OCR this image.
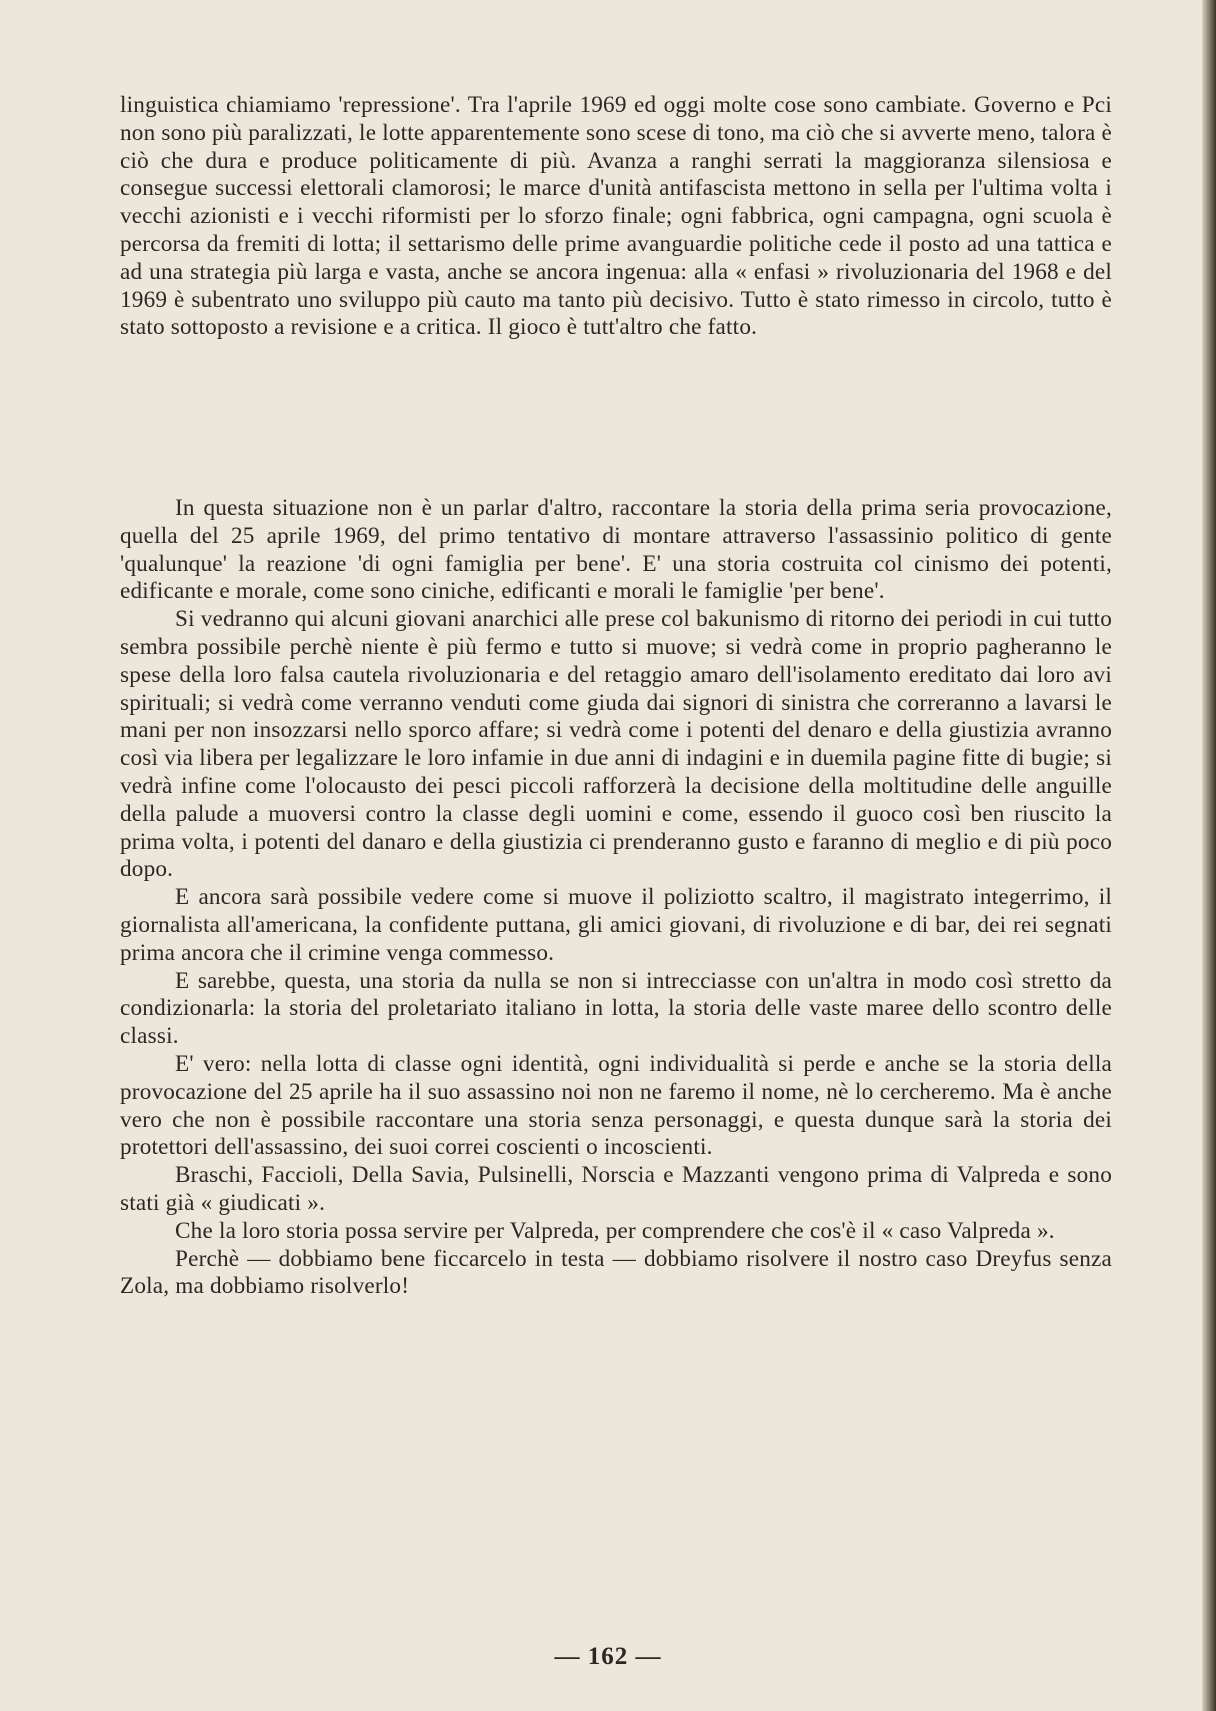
linguistica chiamiamo 'repressione'. Tra l'aprile 1969 ed oggi molte cose sono cambiate. Governo e Pci non sono più paralizzati, le lotte apparentemente sono scese di tono, ma ciò che si avverte meno, talora è ciò che dura e produce politicamente di più. Avanza a ranghi serrati la maggioranza silensiosa e consegue successi elettorali clamorosi; le marce d'unità antifascista mettono in sella per l'ultima volta i vecchi azionisti e i vecchi riformisti per lo sforzo finale; ogni fabbrica, ogni campagna, ogni scuola è percorsa da fremiti di lotta; il settarismo delle prime avanguardie politiche cede il posto ad una tattica e ad una strategia più larga e vasta, anche se ancora ingenua: alla « enfasi » rivoluzionaria del 1968 e del 1969 è subentrato uno sviluppo più cauto ma tanto più decisivo. Tutto è stato rimesso in circolo, tutto è stato sottoposto a revisione e a critica. Il gioco è tutt'altro che fatto.

In questa situazione non è un parlar d'altro, raccontare la storia della prima seria provocazione, quella del 25 aprile 1969, del primo tentativo di montare attraverso l'assassinio politico di gente 'qualunque' la reazione 'di ogni famiglia per bene'. E' una storia costruita col cinismo dei potenti, edificante e morale, come sono ciniche, edificanti e morali le famiglie 'per bene'.

Si vedranno qui alcuni giovani anarchici alle prese col bakunismo di ritorno dei periodi in cui tutto sembra possibile perchè niente è più fermo e tutto si muove; si vedrà come in proprio pagheranno le spese della loro falsa cautela rivoluzionaria e del retaggio amaro dell'isolamento ereditato dai loro avi spirituali; si vedrà come verranno venduti come giuda dai signori di sinistra che correranno a lavarsi le mani per non insozzarsi nello sporco affare; si vedrà come i potenti del denaro e della giustizia avranno così via libera per legalizzare le loro infamie in due anni di indagini e in duemila pagine fitte di bugie; si vedrà infine come l'olocausto dei pesci piccoli rafforzerà la decisione della moltitudine delle anguille della palude a muoversi contro la classe degli uomini e come, essendo il guoco così ben riuscito la prima volta, i potenti del danaro e della giustizia ci prenderanno gusto e faranno di meglio e di più poco dopo.

E ancora sarà possibile vedere come si muove il poliziotto scaltro, il magistrato integerrimo, il giornalista all'americana, la confidente puttana, gli amici giovani, di rivoluzione e di bar, dei rei segnati prima ancora che il crimine venga commesso.

E sarebbe, questa, una storia da nulla se non si intrecciasse con un'altra in modo così stretto da condizionarla: la storia del proletariato italiano in lotta, la storia delle vaste maree dello scontro delle classi.

E' vero: nella lotta di classe ogni identità, ogni individualità si perde e anche se la storia della provocazione del 25 aprile ha il suo assassino noi non ne faremo il nome, nè lo cercheremo. Ma è anche vero che non è possibile raccontare una storia senza personaggi, e questa dunque sarà la storia dei protettori dell'assassino, dei suoi correi coscienti o incoscienti.

Braschi, Faccioli, Della Savia, Pulsinelli, Norscia e Mazzanti vengono prima di Valpreda e sono stati già « giudicati ».

Che la loro storia possa servire per Valpreda, per comprendere che cos'è il « caso Valpreda ».

Perchè — dobbiamo bene ficcarcelo in testa — dobbiamo risolvere il nostro caso Dreyfus senza Zola, ma dobbiamo risolverlo!

— 162 —
